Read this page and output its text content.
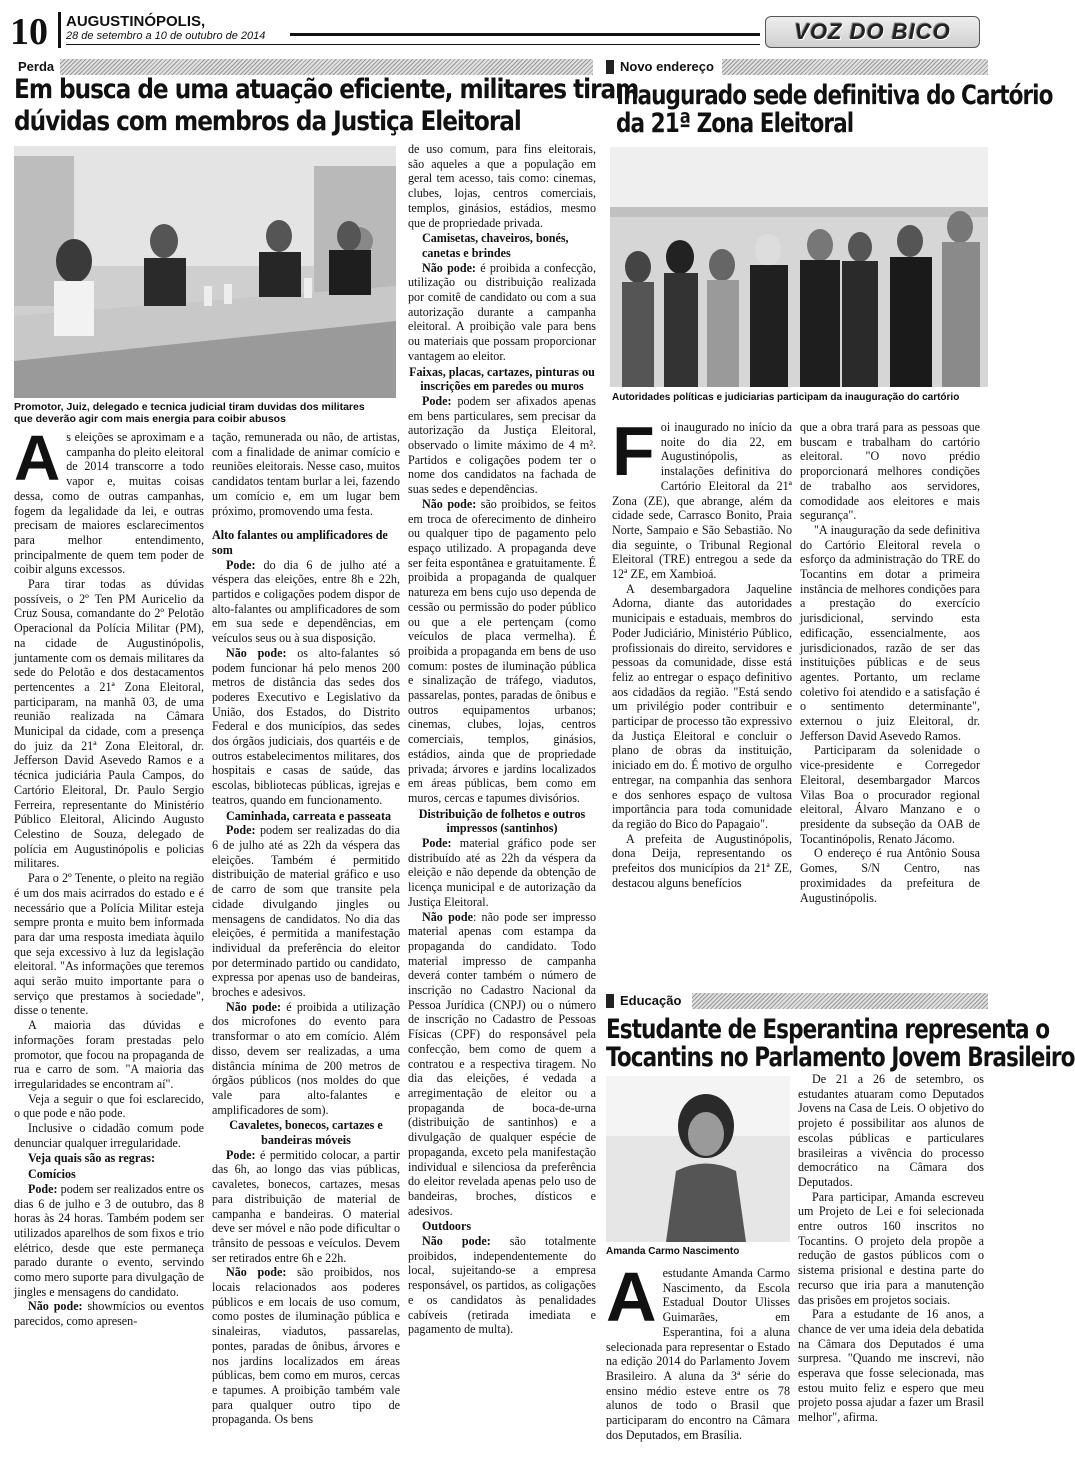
10 AUGUSTINÓPOLIS,
28 de setembro a 10 de outubro de 2014	VOZ DO BICO
Perda
Em busca de uma atuação eficiente, militares tiram
dúvidas com membros da Justiça Eleitoral
Promotor, Juiz, delegado e tecnica judicial tiram duvidas dos militares
que deverão agir com mais energia para coibir abusos
A s eleições se aproximam e a campanha do pleito eleitoral de 2014 transcorre a todo vapor e, muitas coisas dessa, como de outras campanhas, fogem da legalidade da lei, e outras precisam de maiores esclarecimentos para melhor entendimento, principalmente de quem tem poder de coibir alguns excessos.

Para tirar todas as dúvidas possíveis, o 2º Ten PM Auricelio da Cruz Sousa, comandante do 2º Pelotão Operacional da Polícia Militar (PM), na cidade de Augustinópolis, juntamente com os demais militares da sede do Pelotão e dos destacamentos pertencentes a 21ª Zona Eleitoral, participaram, na manhã 03, de uma reunião realizada na Câmara Municipal da cidade, com a presença do juiz da 21ª Zona Eleitoral, dr. Jefferson David Asevedo Ramos e a técnica judiciária Paula Campos, do Cartório Eleitoral, Dr. Paulo Sergio Ferreira, representante do Ministério Público Eleitoral, Alicindo Augusto Celestino de Souza, delegado de polícia em Augustinópolis e policias militares.

Para o 2º Tenente, o pleito na região é um dos mais acirrados do estado e é necessário que a Polícia Militar esteja sempre pronta e muito bem informada para dar uma resposta imediata àquilo que seja excessivo à luz da legislação eleitoral. "As informações que teremos aqui serão muito importante para o serviço que prestamos à sociedade", disse o tenente.

A maioria das dúvidas e informações foram prestadas pelo promotor, que focou na propaganda de rua e carro de som. "A maioria das irregularidades se encontram aí".

Veja a seguir o que foi esclarecido, o que pode e não pode.

Inclusive o cidadão comum pode denunciar qualquer irregularidade.

Veja quais são as regras:
Comícios

Pode: podem ser realizados entre os dias 6 de julho e 3 de outubro, das 8 horas às 24 horas. Também podem ser utilizados aparelhos de som fixos e trio elétrico, desde que este permaneça parado durante o evento, servindo como mero suporte para divulgação de jingles e mensagens do candidato.

Não pode: showmícios ou eventos parecidos, como apresen-

tação, remunerada ou não, de artistas, com a finalidade de animar comício e reuniões eleitorais. Nesse caso, muitos candidatos tentam burlar a lei, fazendo um comício e, em um lugar bem próximo, promovendo uma festa.

Alto falantes ou amplificadores de som

Pode: do dia 6 de julho até a véspera das eleições, entre 8h e 22h, partidos e coligações podem dispor de alto-falantes ou amplificadores de som em sua sede e dependências, em veículos seus ou à sua disposição.

Não pode: os alto-falantes só podem funcionar há pelo menos 200 metros de distância das sedes dos poderes Executivo e Legislativo da União, dos Estados, do Distrito Federal e dos municípios, das sedes dos órgãos judiciais, dos quartéis e de outros estabelecimentos militares, dos hospitais e casas de saúde, das escolas, bibliotecas públicas, igrejas e teatros, quando em funcionamento.

Caminhada, carreata e passeata

Pode: podem ser realizadas do dia 6 de julho até as 22h da véspera das eleições. Também é permitido distribuição de material gráfico e uso de carro de som que transite pela cidade divulgando jingles ou mensagens de candidatos. No dia das eleições, é permitida a manifestação individual da preferência do eleitor por determinado partido ou candidato, expressa por apenas uso de bandeiras, broches e adesivos.

Não pode: é proibida a utilização dos microfones do evento para transformar o ato em comício. Além disso, devem ser realizadas, a uma distância mínima de 200 metros de órgãos públicos (nos moldes do que vale para alto-falantes e amplificadores de som).

Cavaletes, bonecos, cartazes e bandeiras móveis

Pode: é permitido colocar, a partir das 6h, ao longo das vias públicas, cavaletes, bonecos, cartazes, mesas para distribuição de material de campanha e bandeiras. O material deve ser móvel e não pode dificultar o trânsito de pessoas e veículos. Devem ser retirados entre 6h e 22h.

Não pode: são proibidos, nos locais relacionados aos poderes públicos e em locais de uso comum, como postes de iluminação pública e sinaleiras, viadutos, passarelas, pontes, paradas de ônibus, árvores e nos jardins localizados em áreas públicas, bem como em muros, cercas e tapumes. A proibição também vale para qualquer outro tipo de propaganda. Os bens

de uso comum, para fins eleitorais, são aqueles a que a população em geral tem acesso, tais como: cinemas, clubes, lojas, centros comerciais, templos, ginásios, estádios, mesmo que de propriedade privada.

Camisetas, chaveiros, bonés, canetas e brindes

Não pode: é proibida a confecção, utilização ou distribuição realizada por comitê de candidato ou com a sua autorização durante a campanha eleitoral. A proibição vale para bens ou materiais que possam proporcionar vantagem ao eleitor.

Faixas, placas, cartazes, pinturas ou inscrições em paredes ou muros

Pode: podem ser afixados apenas em bens particulares, sem precisar da autorização da Justiça Eleitoral, observado o limite máximo de 4 m². Partidos e coligações podem ter o nome dos candidatos na fachada de suas sedes e dependências.

Não pode: são proibidos, se feitos em troca de oferecimento de dinheiro ou qualquer tipo de pagamento pelo espaço utilizado. A propaganda deve ser feita espontânea e gratuitamente. É proibida a propaganda de qualquer natureza em bens cujo uso dependa de cessão ou permissão do poder público ou que a ele pertençam (como veículos de placa vermelha). É proibida a propaganda em bens de uso comum: postes de iluminação pública e sinalização de tráfego, viadutos, passarelas, pontes, paradas de ônibus e outros equipamentos urbanos; cinemas, clubes, lojas, centros comerciais, templos, ginásios, estádios, ainda que de propriedade privada; árvores e jardins localizados em áreas públicas, bem como em muros, cercas e tapumes divisórios.

Distribuição de folhetos e outros impressos (santinhos)

Pode: material gráfico pode ser distribuído até as 22h da véspera da eleição e não depende da obtenção de licença municipal e de autorização da Justiça Eleitoral.

Não pode: não pode ser impresso material apenas com estampa da propaganda do candidato. Todo material impresso de campanha deverá conter também o número de inscrição no Cadastro Nacional da Pessoa Jurídica (CNPJ) ou o número de inscrição no Cadastro de Pessoas Físicas (CPF) do responsável pela confecção, bem como de quem a contratou e a respectiva tiragem. No dia das eleições, é vedada a arregimentação de eleitor ou a propaganda de boca-de-urna (distribuição de santinhos) e a divulgação de qualquer espécie de propaganda, exceto pela manifestação individual e silenciosa da preferência do eleitor revelada apenas pelo uso de bandeiras, broches, dísticos e adesivos.

Outdoors

Não pode: são totalmente proibidos, independentemente do local, sujeitando-se a empresa responsável, os partidos, as coligações e os candidatos às penalidades cabíveis (retirada imediata e pagamento de multa).

Novo endereço
Inaugurado sede definitiva do Cartório
da 21ª Zona Eleitoral
Autoridades políticas e judiciarias participam da inauguração do cartório
F oi inaugurado no início da noite do dia 22, em Augustinópolis, as instalações definitiva do Cartório Eleitoral da 21ª Zona (ZE), que abrange, além da cidade sede, Carrasco Bonito, Praia Norte, Sampaio e São Sebastião. No dia seguinte, o Tribunal Regional Eleitoral (TRE) entregou a sede da 12ª ZE, em Xambioá.

A desembargadora Jaqueline Adorna, diante das autoridades municipais e estaduais, membros do Poder Judiciário, Ministério Público, profissionais do direito, servidores e pessoas da comunidade, disse está feliz ao entregar o espaço definitivo aos cidadãos da região. "Está sendo um privilégio poder contribuir e participar de processo tão expressivo da Justiça Eleitoral e concluir o plano de obras da instituição, iniciado em do. É motivo de orgulho entregar, na companhia das senhora e dos senhores espaço de vultosa importância para toda comunidade da região do Bico do Papagaio".

A prefeita de Augustinópolis, dona Deija, representando os prefeitos dos municípios da 21ª ZE, destacou alguns benefícios

que a obra trará para as pessoas que buscam e trabalham do cartório eleitoral. "O novo prédio proporcionará melhores condições de trabalho aos servidores, comodidade aos eleitores e mais segurança".

"A inauguração da sede definitiva do Cartório Eleitoral revela o esforço da administração do TRE do Tocantins em dotar a primeira instância de melhores condições para a prestação do exercício jurisdicional, servindo esta edificação, essencialmente, aos jurisdicionados, razão de ser das instituições públicas e de seus agentes. Portanto, um reclame coletivo foi atendido e a satisfação é o sentimento determinante", externou o juiz Eleitoral, dr. Jefferson David Asevedo Ramos.

Participaram da solenidade o vice-presidente e Corregedor Eleitoral, desembargador Marcos Vilas Boa o procurador regional eleitoral, Álvaro Manzano e o presidente da subseção da OAB de Tocantinópolis, Renato Jácomo.

O endereço é rua Antônio Sousa Gomes, S/N Centro, nas proximidades da prefeitura de Augustinópolis.

Educação
Estudante de Esperantina representa o
Tocantins no Parlamento Jovem Brasileiro
Amanda Carmo Nascimento
A estudante Amanda Carmo Nascimento, da Escola Estadual Doutor Ulisses Guimarães, em Esperantina, foi a aluna selecionada para representar o Estado na edição 2014 do Parlamento Jovem Brasileiro. A aluna da 3ª série do ensino médio esteve entre os 78 alunos de todo o Brasil que participaram do encontro na Câmara dos Deputados, em Brasília.

De 21 a 26 de setembro, os estudantes atuaram como Deputados Jovens na Casa de Leis. O objetivo do projeto é possibilitar aos alunos de escolas públicas e particulares brasileiras a vivência do processo democrático na Câmara dos Deputados.

Para participar, Amanda escreveu um Projeto de Lei e foi selecionada entre outros 160 inscritos no Tocantins. O projeto dela propõe a redução de gastos públicos com o sistema prisional e destina parte do recurso que iria para a manutenção das prisões em projetos sociais.

Para a estudante de 16 anos, a chance de ver uma ideia dela debatida na Câmara dos Deputados é uma surpresa. "Quando me inscrevi, não esperava que fosse selecionada, mas estou muito feliz e espero que meu projeto possa ajudar a fazer um Brasil melhor", afirma.
